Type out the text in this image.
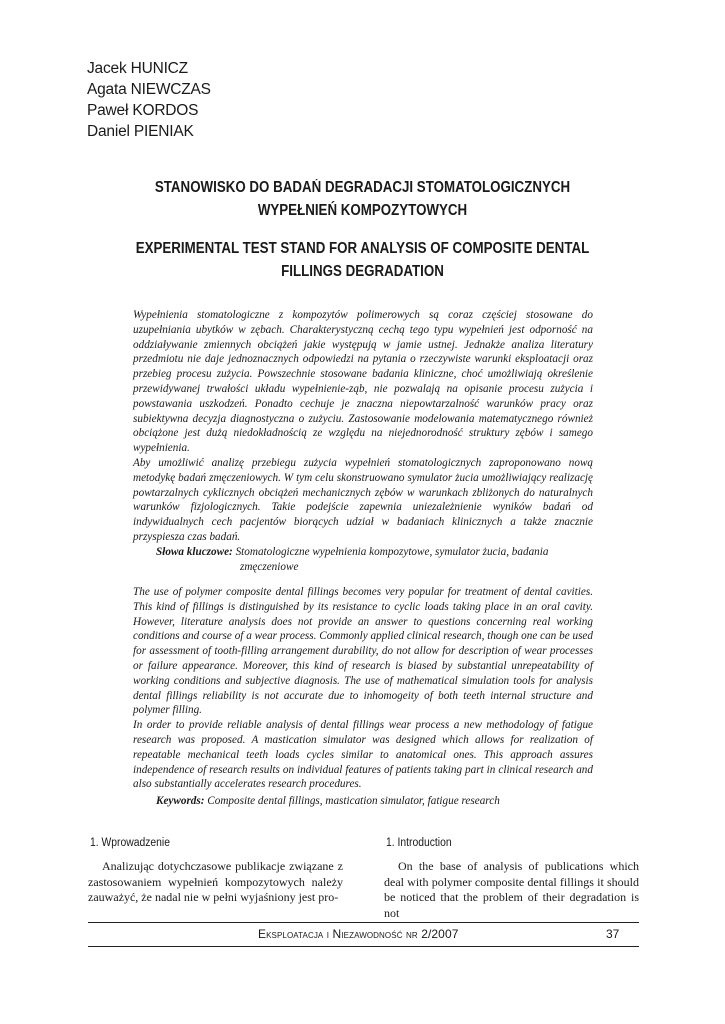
Jacek HUNICZ
Agata NIEWCZAS
Paweł KORDOS
Daniel PIENIAK
STANOWISKO DO BADAŃ DEGRADACJI STOMATOLOGICZNYCH
WYPEŁNIEŃ KOMPOZYTOWYCH
EXPERIMENTAL TEST STAND FOR ANALYSIS OF COMPOSITE DENTAL
FILLINGS DEGRADATION

Wypełnienia stomatologiczne z kompozytów polimerowych są coraz częściej stosowane do uzupełniania ubytków w zębach. Charakterystyczną cechą tego typu wypełnień jest odporność na oddziaływanie zmiennych obciążeń jakie występują w jamie ustnej. Jednakże analiza literatury przedmiotu nie daje jednoznacznych odpowiedzi na pytania o rzeczywiste warunki eksploatacji oraz przebieg procesu zużycia. Powszechnie stosowane badania kliniczne, choć umożliwiają określenie przewidywanej trwałości układu wypełnienie-ząb, nie pozwalają na opisanie procesu zużycia i powstawania uszkodzeń. Ponadto cechuje je znaczna niepowtarzalność warunków pracy oraz subiektywna decyzja diagnostyczna o zużyciu. Zastosowanie modelowania matematycznego również obciążone jest dużą niedokładnością ze względu na niejednorodność struktury zębów i samego wypełnienia.

Aby umożliwić analizę przebiegu zużycia wypełnień stomatologicznych zaproponowano nową metodykę badań zmęczeniowych. W tym celu skonstruowano symulator żucia umożliwiający realizację powtarzalnych cyklicznych obciążeń mechanicznych zębów w warunkach zbliżonych do naturalnych warunków fizjologicznych. Takie podejście zapewnia uniezależnienie wyników badań od indywidualnych cech pacjentów biorących udział w badaniach klinicznych a także znacznie przyspiesza czas badań.

Słowa kluczowe: Stomatologiczne wypełnienia kompozytowe, symulator żucia, badania
zmęczeniowe

The use of polymer composite dental fillings becomes very popular for treatment of dental cavities. This kind of fillings is distinguished by its resistance to cyclic loads taking place in an oral cavity. However, literature analysis does not provide an answer to questions concerning real working conditions and course of a wear process. Commonly applied clinical research, though one can be used for assessment of tooth-filling arrangement durability, do not allow for description of wear processes or failure appearance. Moreover, this kind of research is biased by substantial unrepeatability of working conditions and subjective diagnosis. The use of mathematical simulation tools for analysis dental fillings reliability is not accurate due to inhomogeity of both teeth internal structure and polymer filling.

In order to provide reliable analysis of dental fillings wear process a new methodology of fatigue research was proposed. A mastication simulator was designed which allows for realization of repeatable mechanical teeth loads cycles similar to anatomical ones. This approach assures independence of research results on individual features of patients taking part in clinical research and also substantially accelerates research procedures.

Keywords: Composite dental fillings, mastication simulator, fatigue research
1. Wprowadzenie	1. Introduction

Analizując dotychczasowe publikacje związane z zastosowaniem wypełnień kompozytowych należy zauważyć, że nadal nie w pełni wyjaśniony jest pro-

On the base of analysis of publications which deal with polymer composite dental fillings it should be noticed that the problem of their degradation is not

Eksploatacja i Niezawodność nr 2/2007	37
